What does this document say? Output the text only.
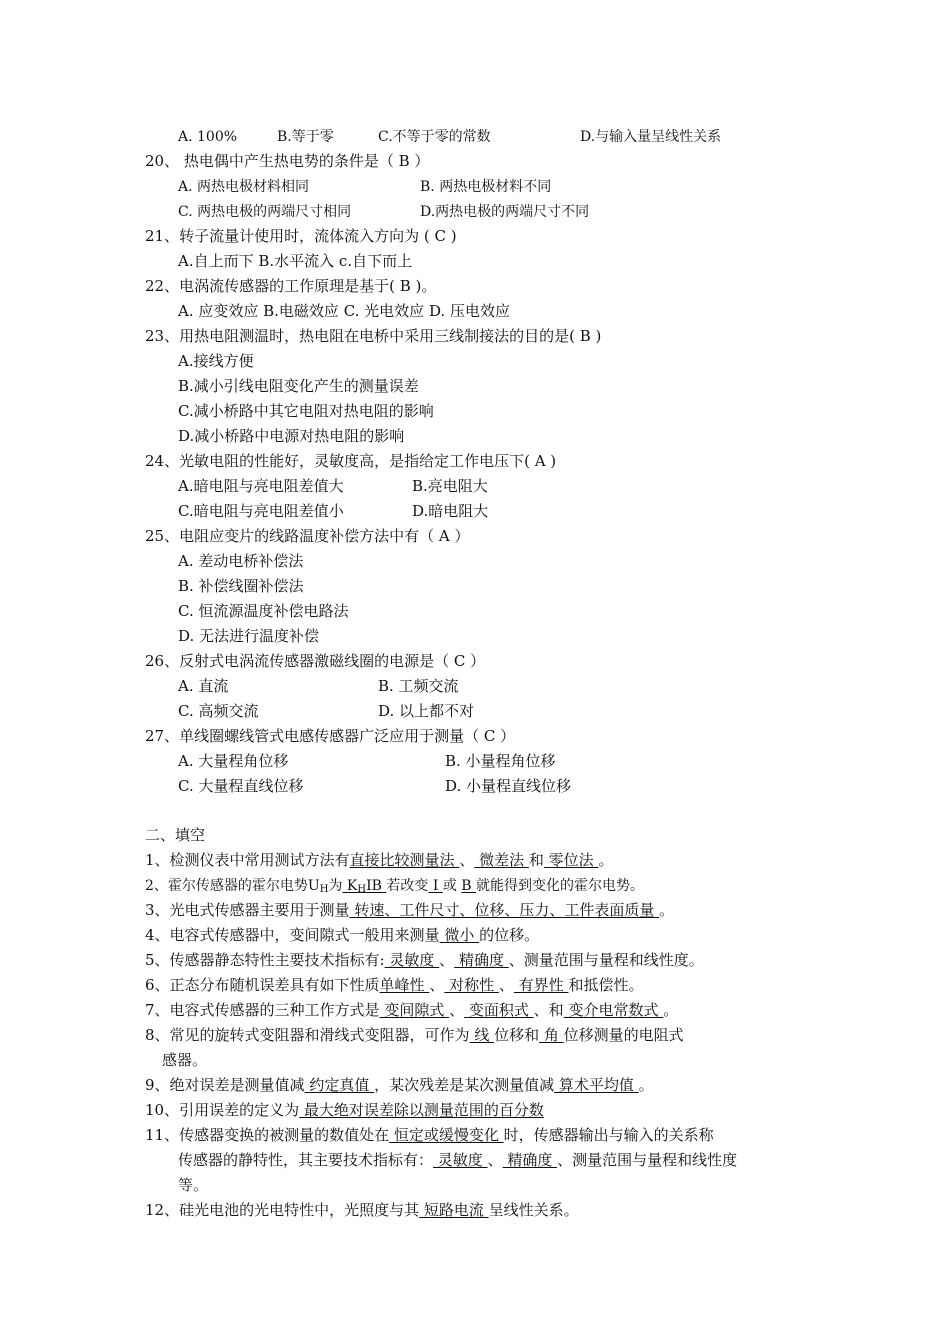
A. 100%	B.等于零	C.不等于零的常数	D.与输入量呈线性关系
20、 热电偶中产生热电势的条件是（ B ）
A. 两热电极材料相同	B. 两热电极材料不同
C. 两热电极的两端尺寸相同	D.两热电极的两端尺寸不同
21、转子流量计使用时，流体流入方向为 ( C )
A.自上而下 B.水平流入 c.自下而上
22、电涡流传感器的工作原理是基于( B )。
A. 应变效应 B.电磁效应 C. 光电效应 D. 压电效应
23、用热电阻测温时，热电阻在电桥中采用三线制接法的目的是( B )
A.接线方便
B.减小引线电阻变化产生的测量误差
C.减小桥路中其它电阻对热电阻的影响
D.减小桥路中电源对热电阻的影响
24、光敏电阻的性能好，灵敏度高，是指给定工作电压下( A )
A.暗电阻与亮电阻差值大	B.亮电阻大
C.暗电阻与亮电阻差值小	D.暗电阻大
25、电阻应变片的线路温度补偿方法中有（ A ）
A. 差动电桥补偿法
B. 补偿线圈补偿法
C. 恒流源温度补偿电路法
D. 无法进行温度补偿
26、反射式电涡流传感器激磁线圈的电源是（ C ）
A. 直流	B. 工频交流
C. 高频交流	D. 以上都不对
27、单线圈螺线管式电感传感器广泛应用于测量（ C ）
A. 大量程角位移	B. 小量程角位移
C. 大量程直线位移	D. 小量程直线位移
二、填空
1、检测仪表中常用测试方法有直接比较测量法 、 微差法 和 零位法 。
2、霍尔传感器的霍尔电势$U_H$为 $K_HIB$ 若改变 I 或 B 就能得到变化的霍尔电势。
3、光电式传感器主要用于测量 转速、工件尺寸、位移、压力、工件表面质量 。
4、电容式传感器中，变间隙式一般用来测量 微小 的位移。
5、传感器静态特性主要技术指标有: 灵敏度 、 精确度 、测量范围与量程和线性度。
6、正态分布随机误差具有如下性质单峰性 、 对称性 、 有界性 和抵偿性。
7、电容式传感器的三种工作方式是 变间隙式 、 变面积式 、和 变介电常数式 。
8、常见的旋转式变阻器和滑线式变阻器，可作为 线 位移和 角 位移测量的电阻式
感器。
9、绝对误差是测量值减 约定真值 ，某次残差是某次测量值减 算术平均值 。
10、引用误差的定义为 最大绝对误差除以测量范围的百分数
11、传感器变换的被测量的数值处在 恒定或缓慢变化 时，传感器输出与输入的关系称
传感器的静特性，其主要技术指标有： 灵敏度 、 精确度 、测量范围与量程和线性度
等。
12、硅光电池的光电特性中，光照度与其 短路电流 呈线性关系。
